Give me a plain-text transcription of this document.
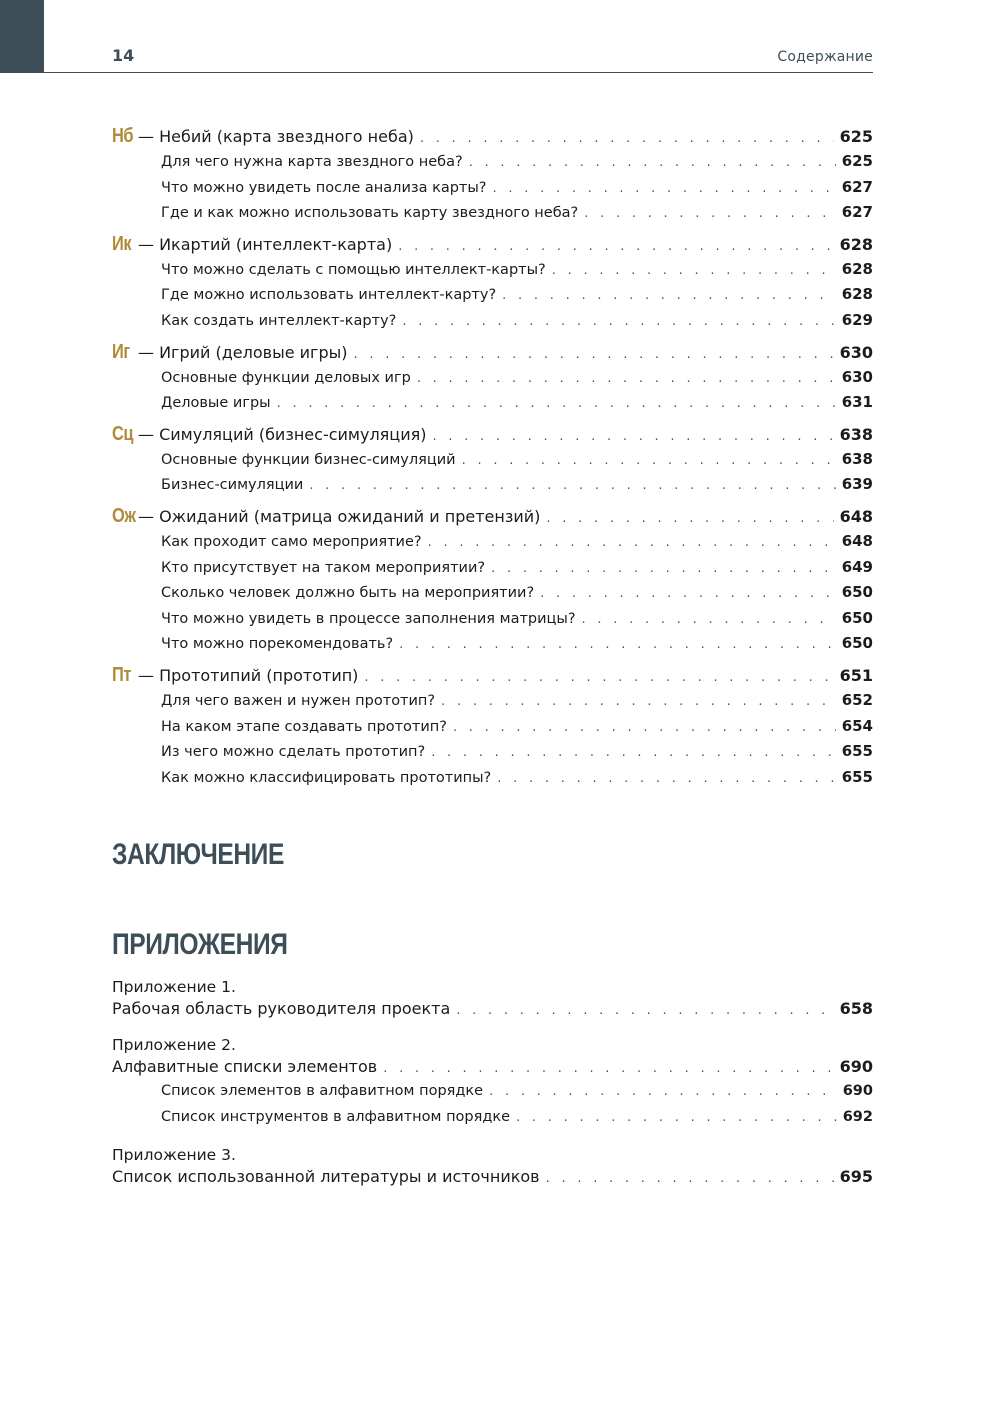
14	Содержание
Нб — Небий (карта звездного неба) . . .	625
Для чего нужна карта звездного неба? . . .	625
Что можно увидеть после анализа карты? . . .	627
Где и как можно использовать карту звездного неба? . . .	627
Ик — Икартий (интеллект-карта) . . .	628
Что можно сделать с помощью интеллект-карты? . . .	628
Где можно использовать интеллект-карту? . . .	628
Как создать интеллект-карту? . . .	629
Иг — Игрий (деловые игры) . . .	630
Основные функции деловых игр . . .	630
Деловые игры . . .	631
Сц — Симуляций (бизнес-симуляция) . . .	638
Основные функции бизнес-симуляций . . .	638
Бизнес-симуляции . . .	639
Ож — Ожиданий (матрица ожиданий и претензий) . . .	648
Как проходит само мероприятие? . . .	648
Кто присутствует на таком мероприятии? . . .	649
Сколько человек должно быть на мероприятии? . . .	650
Что можно увидеть в процессе заполнения матрицы? . . .	650
Что можно порекомендовать? . . .	650
Пт — Прототипий (прототип) . . .	651
Для чего важен и нужен прототип? . . .	652
На каком этапе создавать прототип? . . .	654
Из чего можно сделать прототип? . . .	655
Как можно классифицировать прототипы? . . .	655
ЗАКЛЮЧЕНИЕ
ПРИЛОЖЕНИЯ
Приложение 1.
Рабочая область руководителя проекта . . .	658
Приложение 2.
Алфавитные списки элементов . . .	690
Список элементов в алфавитном порядке . . .	690
Список инструментов в алфавитном порядке . . .	692
Приложение 3.
Список использованной литературы и источников . . .	695
